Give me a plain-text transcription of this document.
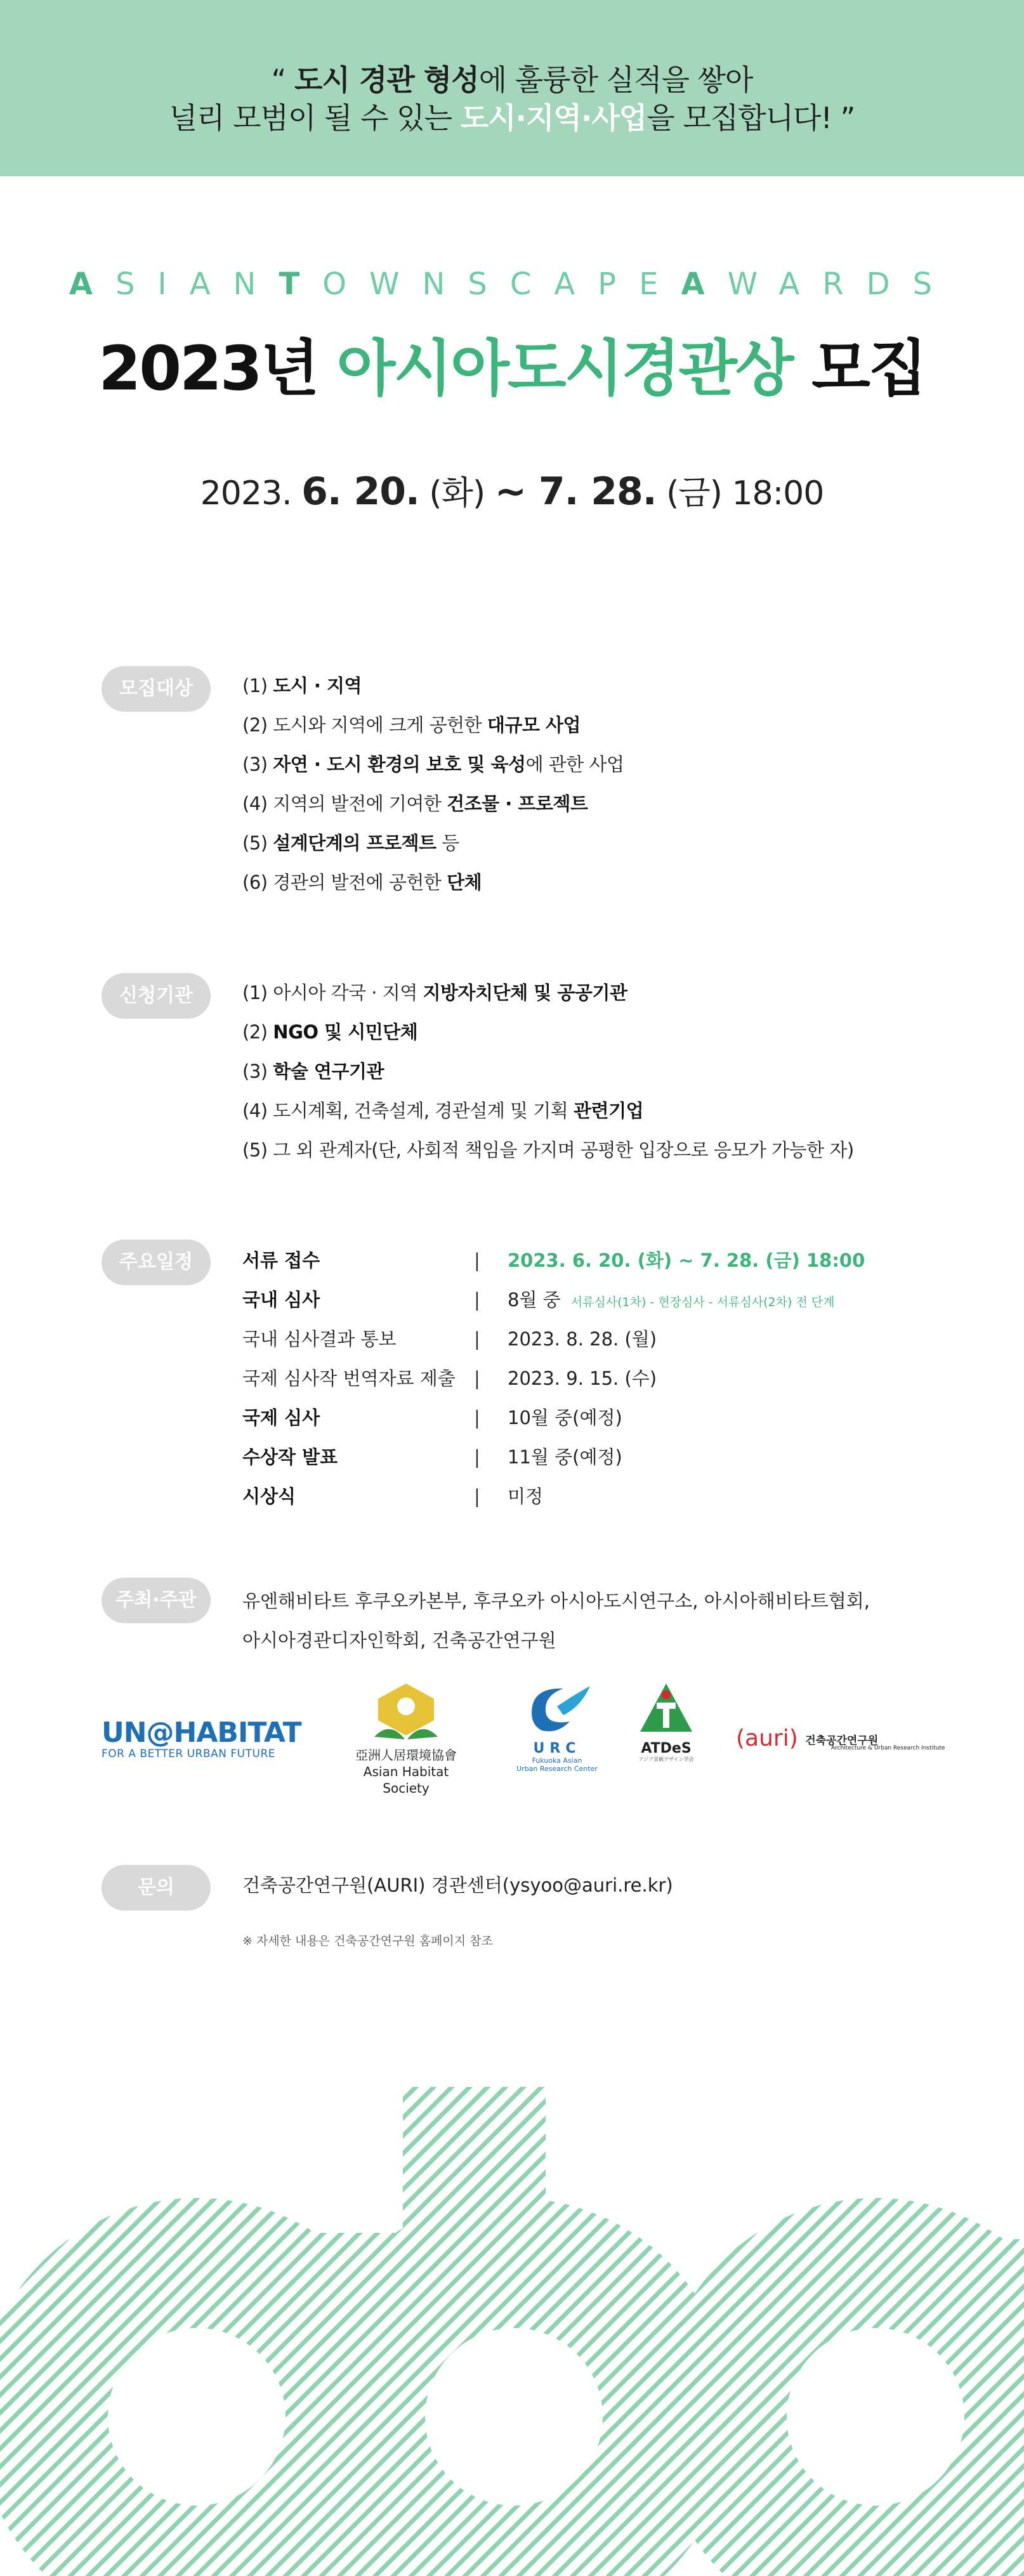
“ 도시 경관 형성에 훌륭한 실적을 쌓아
널리 모범이 될 수 있는 도시·지역·사업을 모집합니다! ”
ASIANTOWNSCAPEAWARDS
2023년 아시아도시경관상 모집
2023. 6. 20. (화) ~ 7. 28. (금) 18:00
모집대상	(1) 도시 · 지역
(2) 도시와 지역에 크게 공헌한 대규모 사업
(3) 자연 · 도시 환경의 보호 및 육성에 관한 사업
(4) 지역의 발전에 기여한 건조물 · 프로젝트
(5) 설계단계의 프로젝트 등
(6) 경관의 발전에 공헌한 단체
신청기관	(1) 아시아 각국 · 지역 지방자치단체 및 공공기관
(2) NGO 및 시민단체
(3) 학술 연구기관
(4) 도시계획, 건축설계, 경관설계 및 기획 관련기업
(5) 그 외 관계자(단, 사회적 책임을 가지며 공평한 입장으로 응모가 가능한 자)
주요일정	서류 접수	| 2023. 6. 20. (화) ~ 7. 28. (금) 18:00
국내 심사	| 8월 중 서류심사(1차) - 현장심사 - 서류심사(2차) 전 단계
국내 심사결과 통보	| 2023. 8. 28. (월)
국제 심사작 번역자료 제출 | 2023. 9. 15. (수)
국제 심사	| 10월 중(예정)
수상작 발표	| 11월 중(예정)
시상식	| 미정
주최·주관	유엔해비타트 후쿠오카본부, 후쿠오카 아시아도시연구소, 아시아해비타트협회,
아시아경관디자인학회, 건축공간연구원
UN@HABITAT
FOR A BETTER URBAN FUTURE	亞洲人居環境協會
Asian Habitat Society
URC
Fukuoka Asian
Urban Research Center
ATDeS
アジア景観デザイン学会
(auri) 건축공간연구원
Architecture & Urban Research Institute
문의	건축공간연구원(AURI) 경관센터(ysyoo@auri.re.kr)
※ 자세한 내용은 건축공간연구원 홈페이지 참조
